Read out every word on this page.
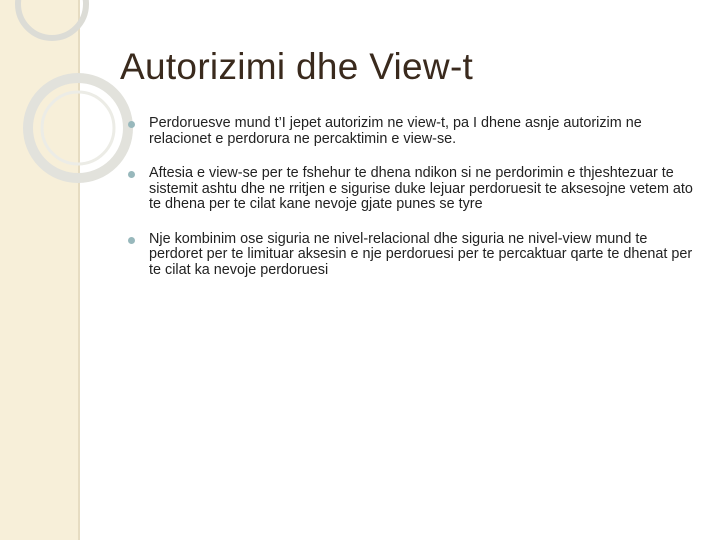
Autorizimi dhe View-t
Perdoruesve mund t’I jepet autorizim ne view-t, pa I dhene asnje autorizim ne relacionet e perdorura ne percaktimin e view-se.
Aftesia e view-se per te fshehur te dhena ndikon si ne perdorimin e thjeshtezuar te sistemit ashtu dhe ne rritjen e sigurise duke lejuar perdoruesit te aksesojne vetem ato te dhena per te cilat kane nevoje gjate punes se tyre
Nje kombinim ose siguria ne nivel-relacional dhe siguria ne nivel-view mund te perdoret per te limituar aksesin e nje perdoruesi per te percaktuar qarte te dhenat per te cilat ka nevoje perdoruesi
